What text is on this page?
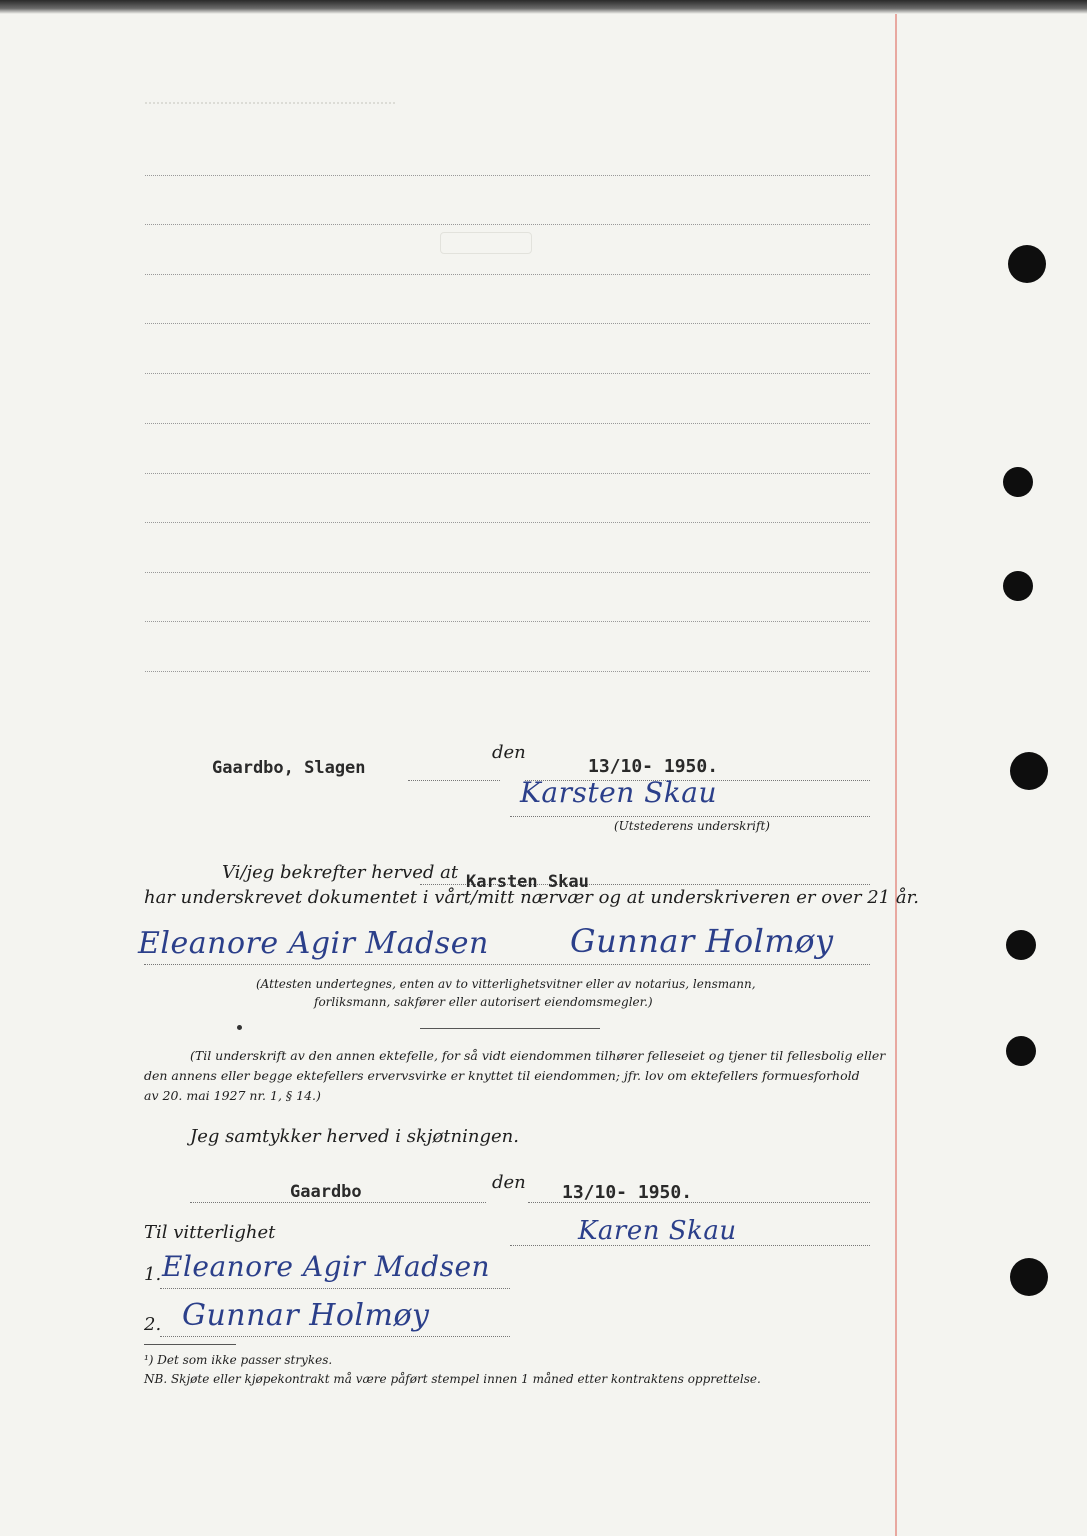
Gaardbo, Slagen
den
13/10- 1950.
Karsten Skau
(Utstederens underskrift)
Vi/jeg bekrefter herved at Karsten Skau
har underskrevet dokumentet i vårt/mitt nærvær og at underskriveren er over 21 år.
Eleanore Agir Madsen	Gunnar Holmøy
(Attesten undertegnes, enten av to vitterlighetsvitner eller av notarius, lensmann,
forliksmann, sakfører eller autorisert eiendomsmegler.)
(Til underskrift av den annen ektefelle, for så vidt eiendommen tilhører felleseiet og tjener til fellesbolig eller
den annens eller begge ektefellers ervervsvirke er knyttet til eiendommen; jfr. lov om ektefellers formuesforhold
av 20. mai 1927 nr. 1, § 14.)
Jeg samtykker herved i skjøtningen.
Gaardbo	den 13/10- 1950.
Karen Skau
Til vitterlighet
1. Eleanore Agir Madsen
2. Gunnar Holmøy
¹) Det som ikke passer strykes.
NB. Skjøte eller kjøpekontrakt må være påført stempel innen 1 måned etter kontraktens opprettelse.
